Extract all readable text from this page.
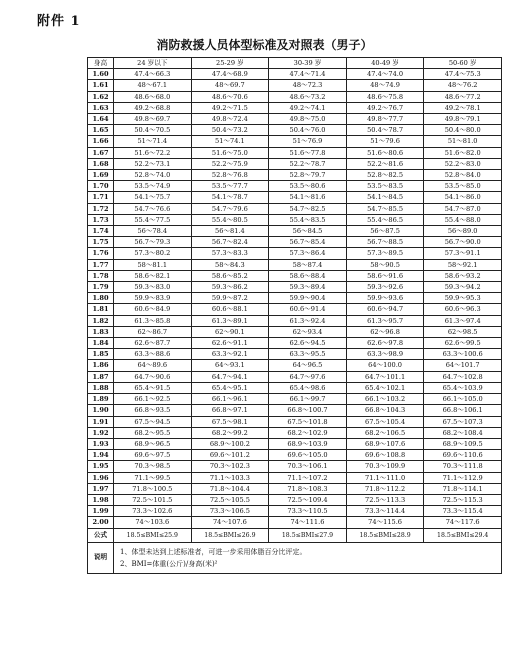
附件 1
消防救援人员体型标准及对照表（男子）
身高	24 岁以下	25-29 岁	30-39 岁	40-49 岁	50-60 岁
1.60	47.4～66.3	47.4～68.9	47.4～71.4	47.4～74.0	47.4～75.3
1.61	48～67.1	48～69.7	48～72.3	48～74.9	48～76.2
1.62	48.6～68.0	48.6～70.6	48.6～73.2	48.6～75.8	48.6～77.2
1.63	49.2～68.8	49.2～71.5	49.2～74.1	49.2～76.7	49.2～78.1
1.64	49.8～69.7	49.8～72.4	49.8～75.0	49.8～77.7	49.8～79.1
1.65	50.4～70.5	50.4～73.2	50.4～76.0	50.4～78.7	50.4～80.0
1.66	51～71.4	51～74.1	51～76.9	51～79.6	51～81.0
1.67	51.6～72.2	51.6～75.0	51.6～77.8	51.6～80.6	51.6～82.0
1.68	52.2～73.1	52.2～75.9	52.2～78.7	52.2～81.6	52.2～83.0
1.69	52.8～74.0	52.8～76.8	52.8～79.7	52.8～82.5	52.8～84.0
1.70	53.5～74.9	53.5～77.7	53.5～80.6	53.5～83.5	53.5～85.0
1.71	54.1～75.7	54.1～78.7	54.1～81.6	54.1～84.5	54.1～86.0
1.72	54.7～76.6	54.7～79.6	54.7～82.5	54.7～85.5	54.7～87.0
1.73	55.4～77.5	55.4～80.5	55.4～83.5	55.4～86.5	55.4～88.0
1.74	56～78.4	56～81.4	56～84.5	56～87.5	56～89.0
1.75	56.7～79.3	56.7～82.4	56.7～85.4	56.7～88.5	56.7～90.0
1.76	57.3～80.2	57.3～83.3	57.3～86.4	57.3～89.5	57.3～91.1
1.77	58～81.1	58～84.3	58～87.4	58～90.5	58～92.1
1.78	58.6～82.1	58.6～85.2	58.6～88.4	58.6～91.6	58.6～93.2
1.79	59.3～83.0	59.3～86.2	59.3～89.4	59.3～92.6	59.3～94.2
1.80	59.9～83.9	59.9～87.2	59.9～90.4	59.9～93.6	59.9～95.3
1.81	60.6～84.9	60.6～88.1	60.6～91.4	60.6～94.7	60.6～96.3
1.82	61.3～85.8	61.3～89.1	61.3～92.4	61.3～95.7	61.3～97.4
1.83	62～86.7	62～90.1	62～93.4	62～96.8	62～98.5
1.84	62.6～87.7	62.6～91.1	62.6～94.5	62.6～97.8	62.6～99.5
1.85	63.3～88.6	63.3～92.1	63.3～95.5	63.3～98.9	63.3～100.6
1.86	64～89.6	64～93.1	64～96.5	64～100.0	64～101.7
1.87	64.7～90.6	64.7～94.1	64.7～97.6	64.7～101.1	64.7～102.8
1.88	65.4～91.5	65.4～95.1	65.4～98.6	65.4～102.1	65.4～103.9
1.89	66.1～92.5	66.1～96.1	66.1～99.7	66.1～103.2	66.1～105.0
1.90	66.8～93.5	66.8～97.1	66.8～100.7	66.8～104.3	66.8～106.1
1.91	67.5～94.5	67.5～98.1	67.5～101.8	67.5～105.4	67.5～107.3
1.92	68.2～95.5	68.2～99.2	68.2～102.9	68.2～106.5	68.2～108.4
1.93	68.9～96.5	68.9～100.2	68.9～103.9	68.9～107.6	68.9～109.5
1.94	69.6～97.5	69.6～101.2	69.6～105.0	69.6～108.8	69.6～110.6
1.95	70.3～98.5	70.3～102.3	70.3～106.1	70.3～109.9	70.3～111.8
1.96	71.1～99.5	71.1～103.3	71.1～107.2	71.1～111.0	71.1～112.9
1.97	71.8～100.5	71.8～104.4	71.8～108.3	71.8～112.2	71.8～114.1
1.98	72.5～101.5	72.5～105.5	72.5～109.4	72.5～113.3	72.5～115.3
1.99	73.3～102.6	73.3～106.5	73.3～110.5	73.3～114.4	73.3～115.4
2.00	74～103.6	74～107.6	74～111.6	74～115.6	74～117.6
公式	18.5≤BMI≤25.9	18.5≤BMI≤26.9	18.5≤BMI≤27.9	18.5≤BMI≤28.9	18.5≤BMI≤29.4
说明	1、体型未达到上述标准者，可进一步采用体脂百分比评定。
2、BMI=体重(公斤)/身高(米)²				
